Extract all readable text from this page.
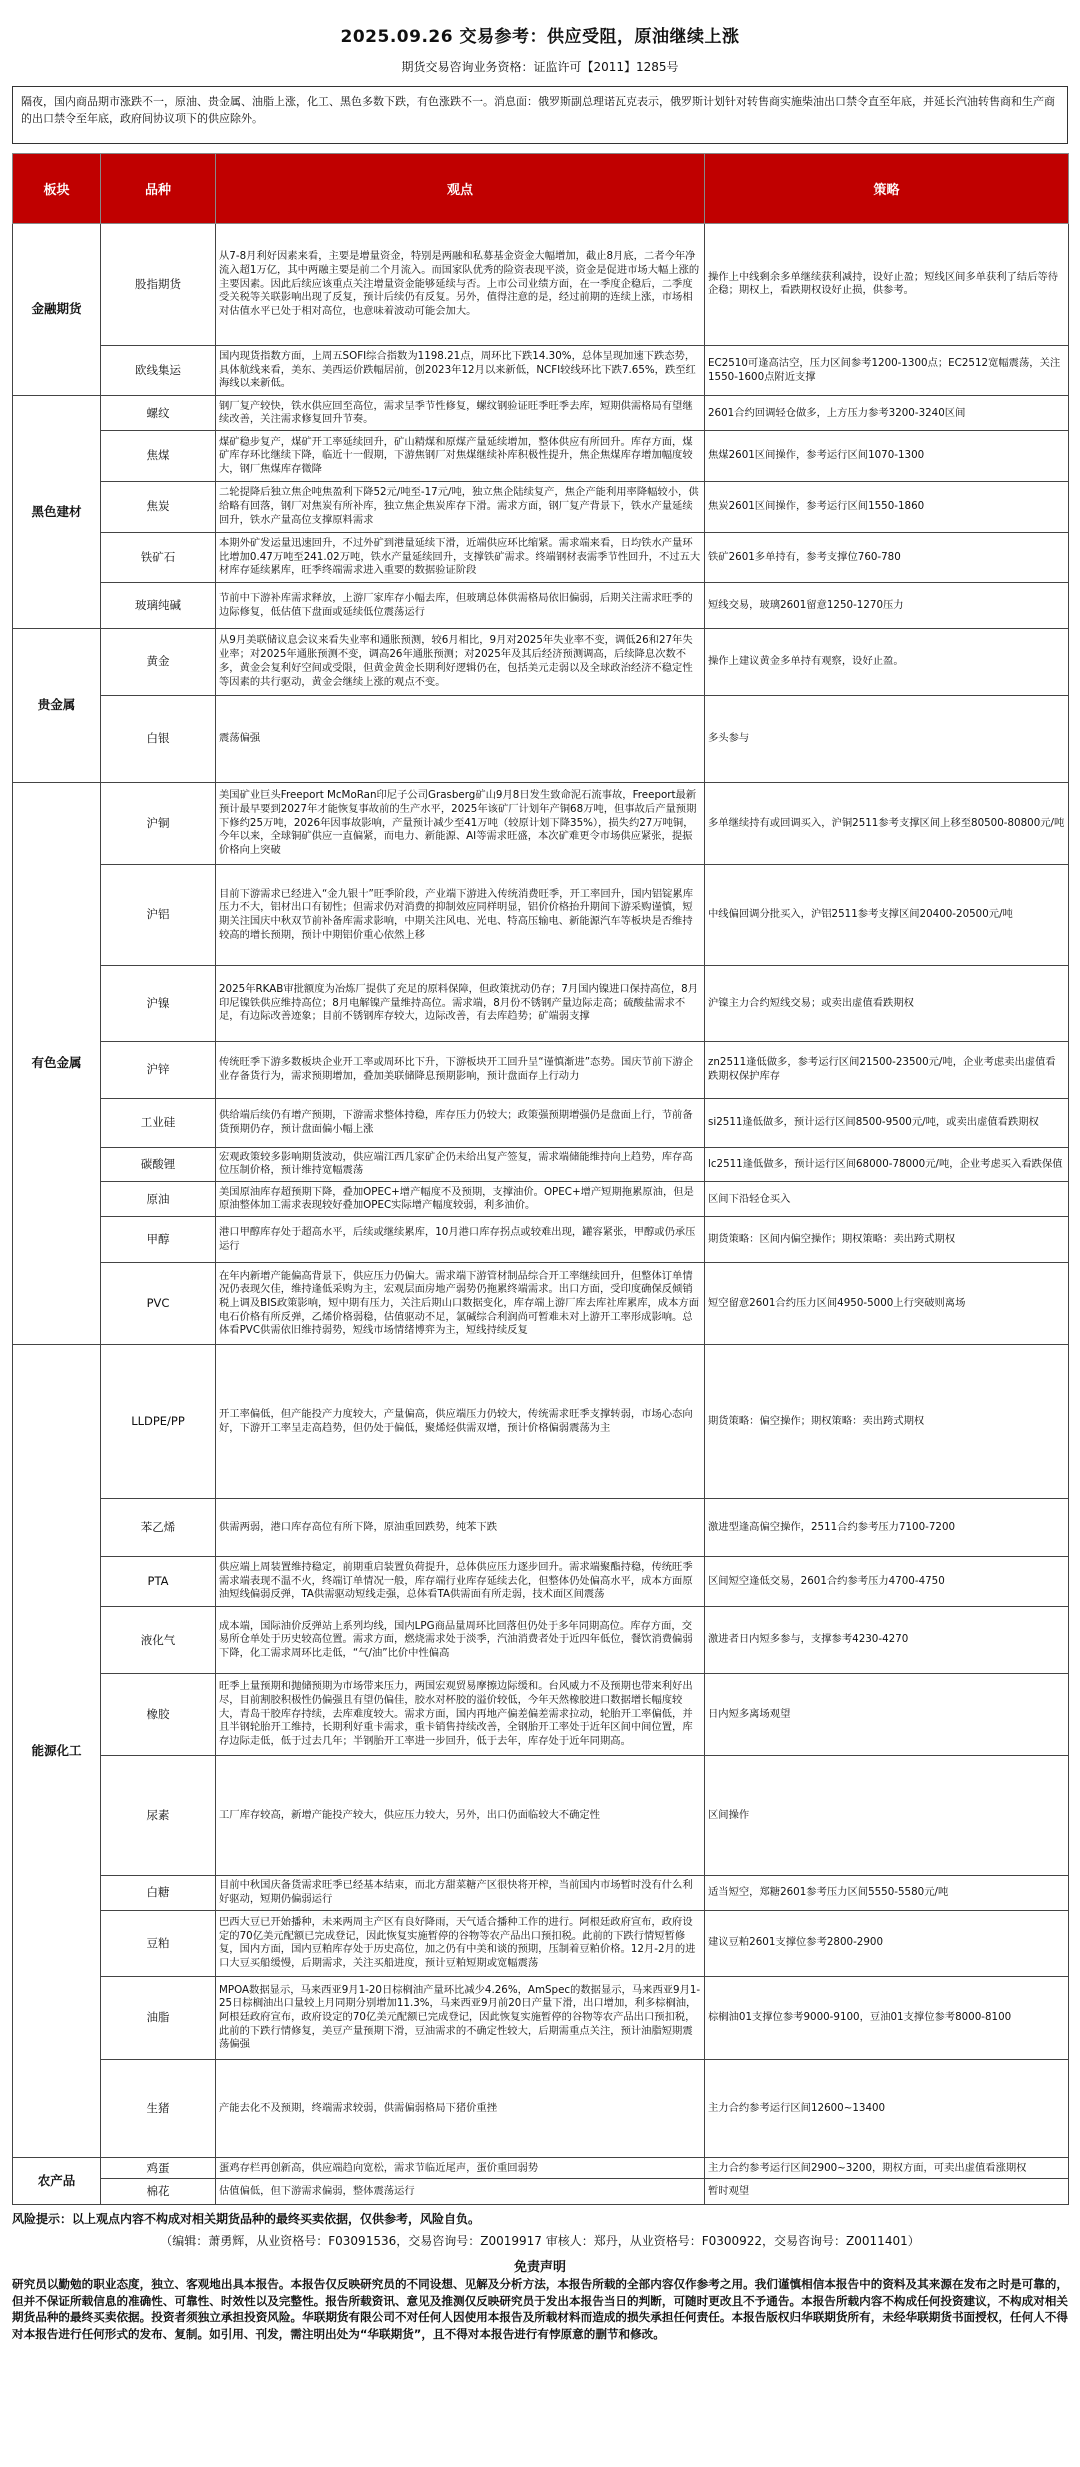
2025.09.26 交易参考：供应受阻，原油继续上涨
期货交易咨询业务资格：证监许可【2011】1285号
隔夜，国内商品期市涨跌不一，原油、贵金属、油脂上涨，化工、黑色多数下跌，有色涨跌不一。消息面：俄罗斯副总理诺瓦克表示，俄罗斯计划针对转售商实施柴油出口禁令直至年底，并延长汽油转售商和生产商的出口禁令至年底，政府间协议项下的供应除外。
板块	品种	观点	策略
金融期货	股指期货	从7-8月利好因素来看，主要是增量资金，特别是两融和私募基金资金大幅增加，截止8月底，二者今年净流入超1万亿，其中两融主要是前二个月流入。而国家队优秀的险资表现平淡，资金是促进市场大幅上涨的主要因素。因此后续应该重点关注增量资金能够延续与否。上市公司业绩方面，在一季度企稳后，二季度受关税等关联影响出现了反复，预计后续仍有反复。另外，值得注意的是，经过前期的连续上涨，市场相对估值水平已处于相对高位，也意味着波动可能会加大。	操作上中线剩余多单继续获利减持，设好止盈；短线区间多单获利了结后等待企稳；期权上，看跌期权设好止损，供参考。
	欧线集运	国内现货指数方面，上周五SOFI综合指数为1198.21点，周环比下跌14.30%，总体呈现加速下跌态势，具体航线来看，美东、美西运价跌幅居前，创2023年12月以来新低，NCFI较线环比下跌7.65%，跌至红海线以来新低。	EC2510可逢高沽空，压力区间参考1200-1300点；EC2512宽幅震荡，关注1550-1600点附近支撑
黑色建材	螺纹	钢厂复产较快，铁水供应回至高位，需求呈季节性修复，螺纹钢验证旺季旺季去库，短期供需格局有望继续改善，关注需求修复回升节奏。	2601合约回调轻仓做多，上方压力参考3200-3240区间
	焦煤	煤矿稳步复产，煤矿开工率延续回升，矿山精煤和原煤产量延续增加，整体供应有所回升。库存方面，煤矿库存环比继续下降，临近十一假期，下游焦钢厂对焦煤继续补库积极性提升，焦企焦煤库存增加幅度较大，钢厂焦煤库存微降	焦煤2601区间操作，参考运行区间1070-1300
	焦炭	二轮提降后独立焦企吨焦盈利下降52元/吨至-17元/吨，独立焦企陆续复产，焦企产能利用率降幅较小，供给略有回落，钢厂对焦炭有所补库，独立焦企焦炭库存下滑。需求方面，钢厂复产背景下，铁水产量延续回升，铁水产量高位支撑原料需求	焦炭2601区间操作，参考运行区间1550-1860
	铁矿石	本期外矿发运量迅速回升，不过外矿到港量延续下滑，近端供应环比缩紧。需求端来看，日均铁水产量环比增加0.47万吨至241.02万吨，铁水产量延续回升，支撑铁矿需求。终端钢材表需季节性回升，不过五大材库存延续累库，旺季终端需求进入重要的数据验证阶段	铁矿2601多单持有，参考支撑位760-780
	玻璃纯碱	节前中下游补库需求释放，上游厂家库存小幅去库，但玻璃总体供需格局依旧偏弱，后期关注需求旺季的边际修复，低估值下盘面或延续低位震荡运行	短线交易，玻璃2601留意1250-1270压力
贵金属	黄金	从9月美联储议息会议来看失业率和通胀预测，较6月相比，9月对2025年失业率不变，调低26和27年失业率；对2025年通胀预测不变，调高26年通胀预测；对2025年及其后经济预测调高，后续降息次数不多，黄金会复利好空间或受限，但黄金黄金长期利好逻辑仍在，包括美元走弱以及全球政治经济不稳定性等因素的共行驱动，黄金会继续上涨的观点不变。	操作上建议黄金多单持有观察，设好止盈。
	白银	震荡偏强	多头参与
有色金属	沪铜	美国矿业巨头Freeport McMoRan印尼子公司Grasberg矿山9月8日发生致命泥石流事故，Freeport最新预计最早要到2027年才能恢复事故前的生产水平，2025年该矿厂计划年产铜68万吨，但事故后产量预期下修约25万吨，2026年因事故影响，产量预计减少至41万吨（较原计划下降35%），损失约27万吨铜，今年以来，全球铜矿供应一直偏紧，而电力、新能源、AI等需求旺盛，本次矿难更令市场供应紧张，提振价格向上突破	多单继续持有或回调买入，沪铜2511参考支撑区间上移至80500-80800元/吨
	沪铝	目前下游需求已经进入“金九银十”旺季阶段，产业端下游进入传统消费旺季，开工率回升，国内铝锭累库压力不大，铝材出口有韧性；但需求仍对消费的抑制效应同样明显，铝价价格抬升期间下游采购谨慎，短期关注国庆中秋双节前补备库需求影响，中期关注风电、光电、特高压输电、新能源汽车等板块是否维持较高的增长预期，预计中期铝价重心依然上移	中线偏回调分批买入，沪铝2511参考支撑区间20400-20500元/吨
	沪镍	2025年RKAB审批额度为冶炼厂提供了充足的原料保障，但政策扰动仍存；7月国内镍进口保持高位，8月印尼镍铁供应维持高位；8月电解镍产量维持高位。需求端，8月份不锈钢产量边际走高；硫酸盐需求不足，有边际改善迹象；目前不锈钢库存较大，边际改善，有去库趋势；矿端弱支撑	沪镍主力合约短线交易；或卖出虚值看跌期权
	沪锌	传统旺季下游多数板块企业开工率或周环比下升，下游板块开工回升呈“谨慎渐进”态势。国庆节前下游企业存备货行为，需求预期增加，叠加美联储降息预期影响，预计盘面存上行动力	zn2511逢低做多，参考运行区间21500-23500元/吨，企业考虑卖出虚值看跌期权保护库存
	工业硅	供给端后续仍有增产预期，下游需求整体持稳，库存压力仍较大；政策强预期增强仍是盘面上行，节前备货预期仍存，预计盘面偏小幅上涨	si2511逢低做多，预计运行区间8500-9500元/吨，或卖出虚值看跌期权
	碳酸锂	宏观政策较多影响期货波动，供应端江西几家矿企仍未给出复产签复，需求端储能维持向上趋势，库存高位压制价格，预计维持宽幅震荡	lc2511逢低做多，预计运行区间68000-78000元/吨，企业考虑买入看跌保值
	原油	美国原油库存超预期下降，叠加OPEC+增产幅度不及预期，支撑油价。OPEC+增产短期拖累原油，但是原油整体加工需求表现较好叠加OPEC实际增产幅度较弱，利多油价。	区间下沿轻仓买入
	甲醇	港口甲醇库存处于超高水平，后续或继续累库，10月港口库存拐点或较难出现，罐容紧张，甲醇或仍承压运行	期货策略：区间内偏空操作；期权策略：卖出跨式期权
	PVC	在年内新增产能偏高背景下，供应压力仍偏大。需求端下游管材制品综合开工率继续回升，但整体订单情况仍表现欠佳，维持逢低采购为主，宏观层面房地产弱势仍拖累终端需求。出口方面，受印度确保反倾销税上调及BIS政策影响，短中期有压力，关注后期山口数据变化，库存端上游厂库去库社库累库，成本方面电石价格有所反弹，乙烯价格弱稳，估值驱动不足，氯碱综合利润尚可暂难未对上游开工率形成影响。总体看PVC供需依旧维持弱势，短线市场情绪博弈为主，短线持续反复	短空留意2601合约压力区间4950-5000上行突破则离场
能源化工	LLDPE/PP	开工率偏低，但产能投产力度较大，产量偏高，供应端压力仍较大，传统需求旺季支撑转弱，市场心态向好，下游开工率呈走高趋势，但仍处于偏低，聚烯烃供需双增，预计价格偏弱震荡为主	期货策略：偏空操作；期权策略：卖出跨式期权
	苯乙烯	供需两弱，港口库存高位有所下降，原油重回跌势，纯苯下跌	激进型逢高偏空操作，2511合约参考压力7100-7200
	PTA	供应端上周装置维持稳定，前期重启装置负荷提升，总体供应压力逐步回升。需求端聚酯持稳，传统旺季需求端表现不温不火，终端订单情况一般，库存端行业库存延续去化，但整体仍处偏高水平，成本方面原油短线偏弱反弹，TA供需驱动短线走强，总体看TA供需面有所走弱，技术面区间震荡	区间短空逢低交易，2601合约参考压力4700-4750
	液化气	成本端，国际油价反弹站上系列均线，国内LPG商品量周环比回落但仍处于多年同期高位。库存方面，交易所仓单处于历史较高位置。需求方面，燃烧需求处于淡季，汽油消费者处于近四年低位，餐饮消费偏弱下降，化工需求周环比走低，“气/油”比价中性偏高	激进者日内短多参与，支撑参考4230-4270
	橡胶	旺季上量预期和抛储预期为市场带来压力，两国宏观贸易摩擦边际缓和。台风威力不及预期也带来利好出尽，目前割胶积极性仍偏强且有望仍偏佳，胶水对杯胶的溢价较低，今年天然橡胶进口数据增长幅度较大，青岛干胶库存持续，去库难度较大。需求方面，国内再地产偏差偏差需求拉动，轮胎开工率偏低，并且半钢轮胎开工维持，长期利好重卡需求，重卡销售持续改善，全钢胎开工率处于近年区间中间位置，库存边际走低，低于过去几年；半钢胎开工率进一步回升，低于去年，库存处于近年同期高。	日内短多离场观望
	尿素	工厂库存较高，新增产能投产较大，供应压力较大，另外，出口仍面临较大不确定性	区间操作
	白糖	目前中秋国庆备货需求旺季已经基本结束，而北方甜菜糖产区很快将开榨，当前国内市场暂时没有什么利好驱动，短期仍偏弱运行	适当短空，郑糖2601参考压力区间5550-5580元/吨
	豆粕	巴西大豆已开始播种，未来两周主产区有良好降雨，天气适合播种工作的进行。阿根廷政府宣布，政府设定的70亿美元配额已完成登记，因此恢复实施暂停的谷物等农产品出口预扣税。此前的下跌行情短暂修复，国内方面，国内豆粕库存处于历史高位，加之仍有中美和谈的预期，压制着豆粕价格。12月-2月的进口大豆买船缓慢，后期需求，关注买船进度，预计豆粕短期或宽幅震荡	建议豆粕2601支撑位参考2800-2900
	油脂	MPOA数据显示，马来西亚9月1-20日棕榈油产量环比减少4.26%，AmSpec的数据显示，马来西亚9月1-25日棕榈油出口量较上月同期分别增加11.3%，马来西亚9月前20日产量下滑，出口增加，利多棕榈油，阿根廷政府宣布，政府设定的70亿美元配额已完成登记，因此恢复实施暂停的谷物等农产品出口预扣税，此前的下跌行情修复，美豆产量预期下滑，豆油需求的不确定性较大，后期需重点关注，预计油脂短期震荡偏强	棕榈油01支撑位参考9000-9100，豆油01支撑位参考8000-8100
	生猪	产能去化不及预期，终端需求较弱，供需偏弱格局下猪价重挫	主力合约参考运行区间12600~13400
农产品	鸡蛋	蛋鸡存栏再创新高，供应端趋向宽松，需求节临近尾声，蛋价重回弱势	主力合约参考运行区间2900~3200，期权方面，可卖出虚值看涨期权
	棉花	估值偏低，但下游需求偏弱，整体震荡运行	暂时观望
风险提示：以上观点内容不构成对相关期货品种的最终买卖依据，仅供参考，风险自负。
（编辑：萧勇辉，从业资格号：F03091536，交易咨询号：Z0019917 审核人：郑丹，从业资格号：F0300922，交易咨询号：Z0011401）
免责声明
研究员以勤勉的职业态度，独立、客观地出具本报告。本报告仅反映研究员的不同设想、见解及分析方法，本报告所载的全部内容仅作参考之用。我们谨慎相信本报告中的资料及其来源在发布之时是可靠的，但并不保证所载信息的准确性、可靠性、时效性以及完整性。报告所载资讯、意见及推测仅反映研究员于发出本报告当日的判断，可随时更改且不予通告。本报告所载内容不构成任何投资建议，不构成对相关期货品种的最终买卖依据。投资者须独立承担投资风险。华联期货有限公司不对任何人因使用本报告及所载材料而造成的损失承担任何责任。本报告版权归华联期货所有，未经华联期货书面授权，任何人不得对本报告进行任何形式的发布、复制。如引用、刊发，需注明出处为“华联期货”，且不得对本报告进行有悖原意的删节和修改。
